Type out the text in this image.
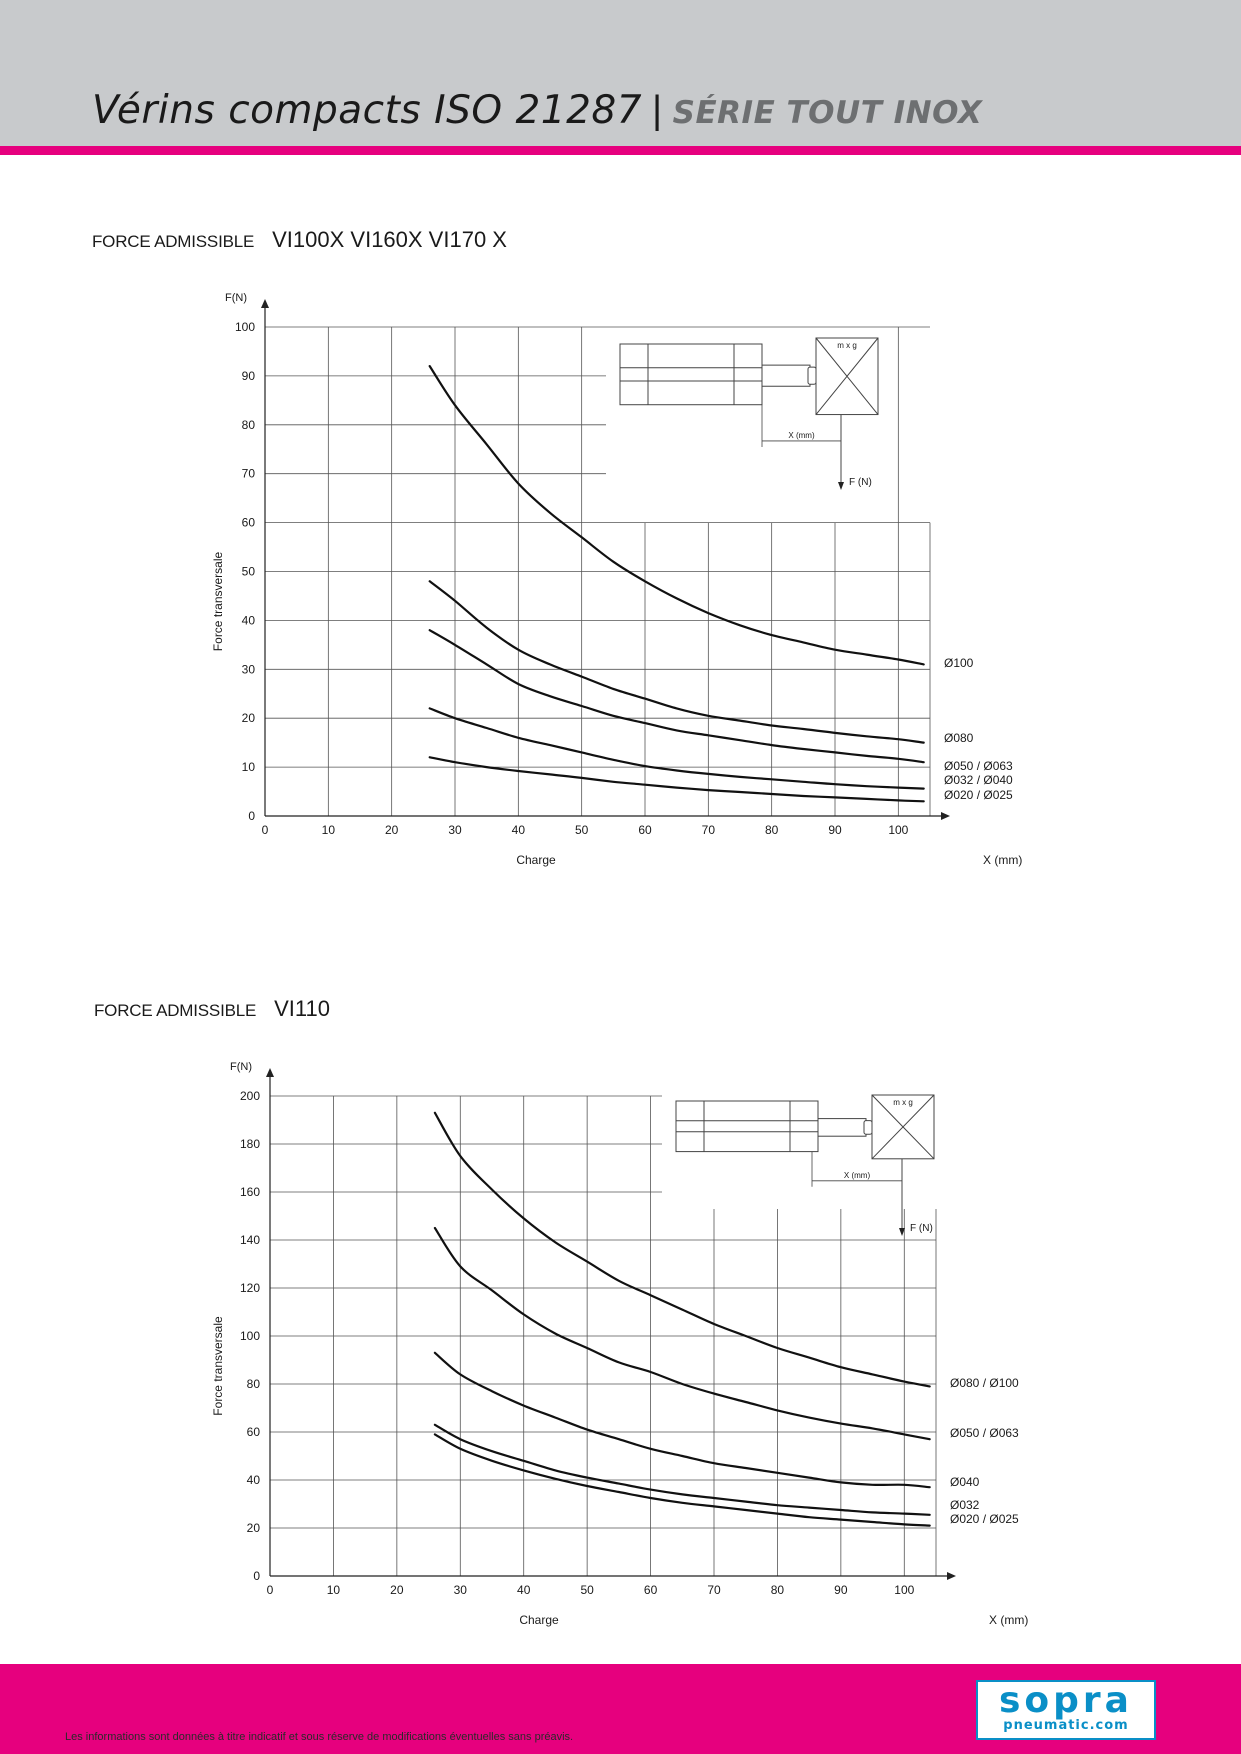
Vérins compacts ISO 21287 | SÉRIE TOUT INOX
FORCE ADMISSIBLE VI100X VI160X VI170 X
0	10	20	30	40	50	60	70	80	90	100
0
10
20
30
40
50
60
70
80
90
100
F(N)
Force transversale
Charge	X (mm)
Ø100
Ø080
Ø050 / Ø063
Ø032 / Ø040
Ø020 / Ø025
m x g
X (mm)
F (N)
FORCE ADMISSIBLE VI110
0	10	20	30	40	50	60	70	80	90	100
0
20
40
60
80
100
120
140
160
180
200
F(N)
Force transversale
Charge	X (mm)
Ø080 / Ø100
Ø050 / Ø063
Ø040
Ø032
Ø020 / Ø025
m x g
X (mm)
F (N)

Les informations sont données à titre indicatif et sous réserve de modifications éventuelles sans préavis.

sopra
pneumatic.com
